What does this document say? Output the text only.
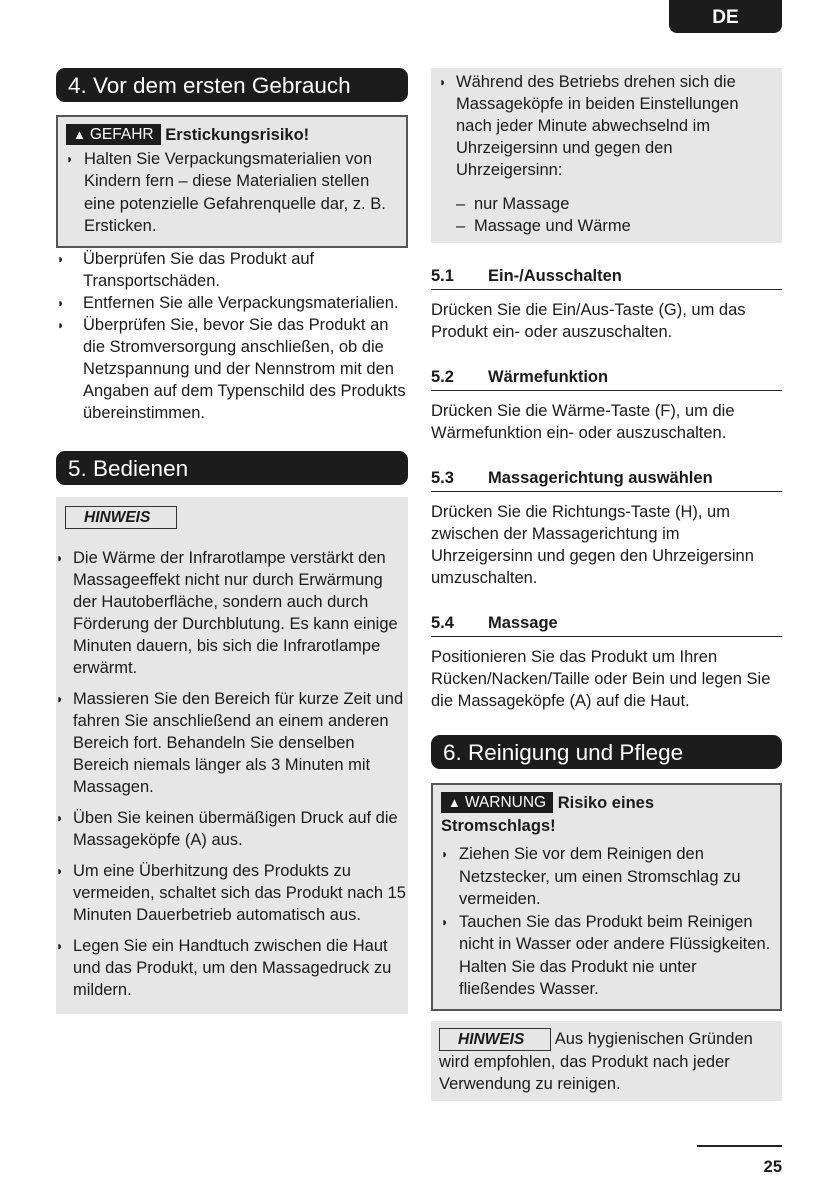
DE
4. Vor dem ersten Gebrauch
▲ GEFAHR Erstickungsrisiko!
◗ Halten Sie Verpackungsmaterialien von Kindern fern – diese Materialien stellen eine potenzielle Gefahrenquelle dar, z. B. Ersticken.
◗ Überprüfen Sie das Produkt auf Transportschäden.
◗ Entfernen Sie alle Verpackungsmaterialien.
◗ Überprüfen Sie, bevor Sie das Produkt an die Stromversorgung anschließen, ob die Netzspannung und der Nennstrom mit den Angaben auf dem Typenschild des Produkts übereinstimmen.
5. Bedienen
HINWEIS
◗ Die Wärme der Infrarotlampe verstärkt den Massageeffekt nicht nur durch Erwärmung der Hautoberfläche, sondern auch durch Förderung der Durchblutung. Es kann einige Minuten dauern, bis sich die Infrarotlampe erwärmt.
◗ Massieren Sie den Bereich für kurze Zeit und fahren Sie anschließend an einem anderen Bereich fort. Behandeln Sie denselben Bereich niemals länger als 3 Minuten mit Massagen.
◗ Üben Sie keinen übermäßigen Druck auf die Massageköpfe (A) aus.
◗ Um eine Überhitzung des Produkts zu vermeiden, schaltet sich das Produkt nach 15 Minuten Dauerbetrieb automatisch aus.
◗ Legen Sie ein Handtuch zwischen die Haut und das Produkt, um den Massagedruck zu mildern.
◗ Während des Betriebs drehen sich die Massageköpfe in beiden Einstellungen nach jeder Minute abwechselnd im Uhrzeigersinn und gegen den Uhrzeigersinn:
– nur Massage
– Massage und Wärme
5.1 Ein-/Ausschalten
Drücken Sie die Ein/Aus-Taste (G), um das Produkt ein- oder auszuschalten.
5.2 Wärmefunktion
Drücken Sie die Wärme-Taste (F), um die Wärmefunktion ein- oder auszuschalten.
5.3 Massagerichtung auswählen
Drücken Sie die Richtungs-Taste (H), um zwischen der Massagerichtung im Uhrzeigersinn und gegen den Uhrzeigersinn umzuschalten.
5.4 Massage
Positionieren Sie das Produkt um Ihren Rücken/Nacken/Taille oder Bein und legen Sie die Massageköpfe (A) auf die Haut.
6. Reinigung und Pflege
▲ WARNUNG Risiko eines Stromschlags!
◗ Ziehen Sie vor dem Reinigen den Netzstecker, um einen Stromschlag zu vermeiden.
◗ Tauchen Sie das Produkt beim Reinigen nicht in Wasser oder andere Flüssigkeiten. Halten Sie das Produkt nie unter fließendes Wasser.
HINWEIS Aus hygienischen Gründen wird empfohlen, das Produkt nach jeder Verwendung zu reinigen.
25
